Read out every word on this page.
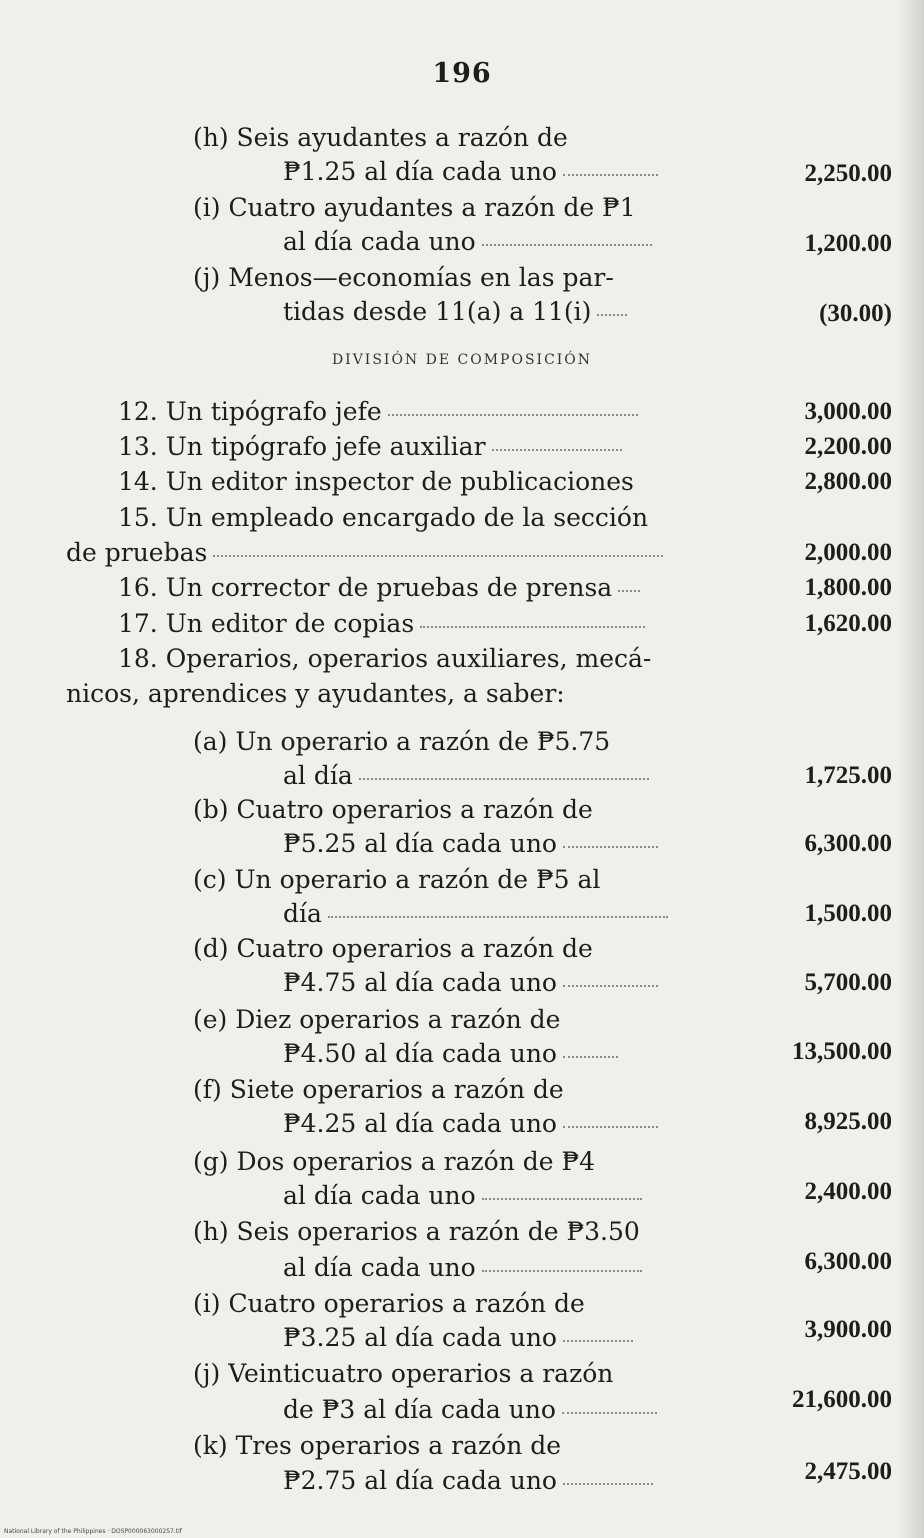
196
(h) Seis ayudantes a razón de
₱1.25 al día cada uno	2,250.00
(i) Cuatro ayudantes a razón de ₱1
al día cada uno	1,200.00
(j) Menos—economías en las par-
tidas desde 11(a) a 11(i)	(30.00)
DIVISIÓN DE COMPOSICIÓN
12. Un tipógrafo jefe	3,000.00
13. Un tipógrafo jefe auxiliar	2,200.00
14. Un editor inspector de publicaciones	2,800.00
15. Un empleado encargado de la sección
de pruebas	2,000.00
16. Un corrector de pruebas de prensa	1,800.00
17. Un editor de copias	1,620.00
18. Operarios, operarios auxiliares, mecá-
nicos, aprendices y ayudantes, a saber:
(a) Un operario a razón de ₱5.75
al día	1,725.00
(b) Cuatro operarios a razón de
₱5.25 al día cada uno	6,300.00
(c) Un operario a razón de ₱5 al
día	1,500.00
(d) Cuatro operarios a razón de
₱4.75 al día cada uno	5,700.00
(e) Diez operarios a razón de
₱4.50 al día cada uno	13,500.00
(f) Siete operarios a razón de
₱4.25 al día cada uno	8,925.00
(g) Dos operarios a razón de ₱4
al día cada uno	2,400.00
(h) Seis operarios a razón de ₱3.50
al día cada uno	6,300.00
(i) Cuatro operarios a razón de
₱3.25 al día cada uno	3,900.00
(j) Veinticuatro operarios a razón
de ₱3 al día cada uno	21,600.00
(k) Tres operarios a razón de
₱2.75 al día cada uno	2,475.00
National Library of the Philippines · DOSP000063000257.tif
